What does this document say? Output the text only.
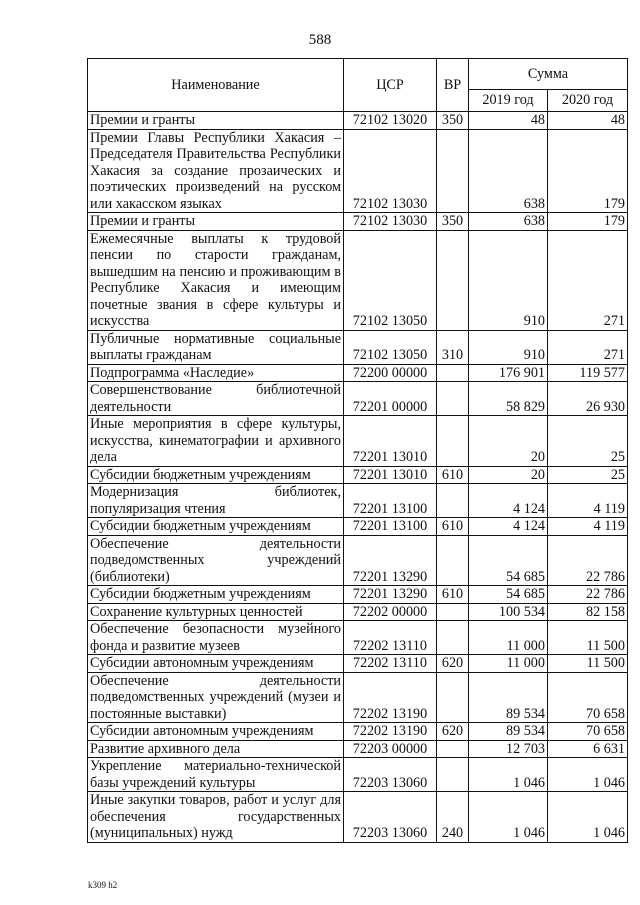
588
Наименование	ЦСР	ВР	Сумма	
			2019 год	2020 год
Премии и гранты	72102 13020	350	48	48
Премии Главы Республики Хакасия – Председателя Правительства Республики Хакасия за создание прозаических и поэтических произведений на русском или хакасском языках	72102 13030		638	179
Премии и гранты	72102 13030	350	638	179
Ежемесячные выплаты к трудовой пенсии по старости гражданам, вышедшим на пенсию и проживающим в Республике Хакасия и имеющим почетные звания в сфере культуры и искусства	72102 13050		910	271
Публичные нормативные социальные выплаты гражданам	72102 13050	310	910	271
Подпрограмма «Наследие»	72200 00000		176 901	119 577
Совершенствование библиотечной деятельности	72201 00000		58 829	26 930
Иные мероприятия в сфере культуры, искусства, кинематографии и архивного дела	72201 13010		20	25
Субсидии бюджетным учреждениям	72201 13010	610	20	25
Модернизация библиотек, популяризация чтения	72201 13100		4 124	4 119
Субсидии бюджетным учреждениям	72201 13100	610	4 124	4 119
Обеспечение деятельности подведомственных учреждений (библиотеки)	72201 13290		54 685	22 786
Субсидии бюджетным учреждениям	72201 13290	610	54 685	22 786
Сохранение культурных ценностей	72202 00000		100 534	82 158
Обеспечение безопасности музейного фонда и развитие музеев	72202 13110		11 000	11 500
Субсидии автономным учреждениям	72202 13110	620	11 000	11 500
Обеспечение деятельности подведомственных учреждений (музеи и постоянные выставки)	72202 13190		89 534	70 658
Субсидии автономным учреждениям	72202 13190	620	89 534	70 658
Развитие архивного дела	72203 00000		12 703	6 631
Укрепление материально-технической базы учреждений культуры	72203 13060		1 046	1 046
Иные закупки товаров, работ и услуг для обеспечения государственных (муниципальных) нужд	72203 13060	240	1 046	1 046
k309 h2
